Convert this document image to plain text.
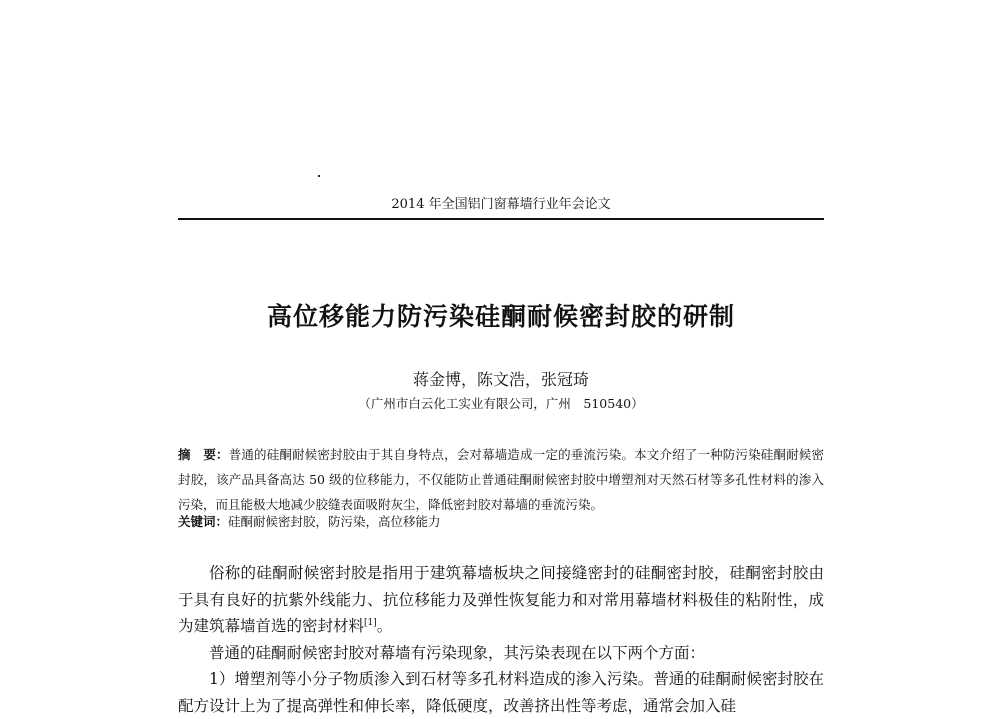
2014 年全国铝门窗幕墙行业年会论文
高位移能力防污染硅酮耐候密封胶的研制
蒋金博，陈文浩，张冠琦
（广州市白云化工实业有限公司，广州　510540）
摘　要：普通的硅酮耐候密封胶由于其自身特点，会对幕墙造成一定的垂流污染。本文介绍了一种防污染硅酮耐候密封胶，该产品具备高达 50 级的位移能力，不仅能防止普通硅酮耐候密封胶中增塑剂对天然石材等多孔性材料的渗入污染，而且能极大地减少胶缝表面吸附灰尘，降低密封胶对幕墙的垂流污染。
关键词：硅酮耐候密封胶，防污染，高位移能力

俗称的硅酮耐候密封胶是指用于建筑幕墙板块之间接缝密封的硅酮密封胶，硅酮密封胶由于具有良好的抗紫外线能力、抗位移能力及弹性恢复能力和对常用幕墙材料极佳的粘附性，成为建筑幕墙首选的密封材料[1]。

普通的硅酮耐候密封胶对幕墙有污染现象，其污染表现在以下两个方面：

1）增塑剂等小分子物质渗入到石材等多孔材料造成的渗入污染。普通的硅酮耐候密封胶在配方设计上为了提高弹性和伸长率，降低硬度，改善挤出性等考虑，通常会加入硅
